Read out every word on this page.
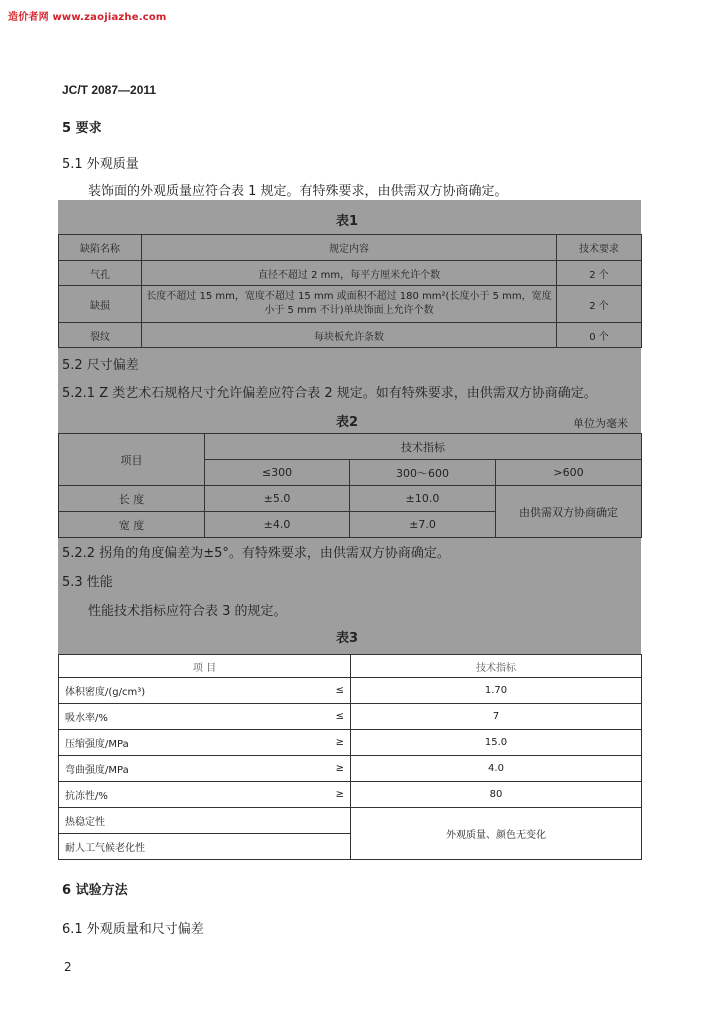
造价者网 www.zaojiazhe.com
JC/T 2087—2011
5 要求
5.1 外观质量
装饰面的外观质量应符合表 1 规定。有特殊要求，由供需双方协商确定。
表1
缺陷名称	规定内容	技术要求
气孔	直径不超过 2 mm，每平方厘米允许个数	2 个
缺损	长度不超过 15 mm，宽度不超过 15 mm 或面积不超过 180 mm²(长度小于 5 mm，宽度小于 5 mm 不计)单块饰面上允许个数	2 个
裂纹	每块板允许条数	0 个
5.2 尺寸偏差
5.2.1 Z 类艺术石规格尺寸允许偏差应符合表 2 规定。如有特殊要求，由供需双方协商确定。
表2	单位为毫米
项目	技术指标		
	≤300	300～600	>600
长 度	±5.0	±10.0	由供需双方协商确定
宽 度	±4.0	±7.0	
5.2.2 拐角的角度偏差为±5°。有特殊要求，由供需双方协商确定。
5.3 性能
性能技术指标应符合表 3 的规定。
表3
项 目		技术指标
体积密度/(g/cm³)	≤	1.70
吸水率/%	≤	7
压缩强度/MPa	≥	15.0
弯曲强度/MPa	≥	4.0
抗冻性/%	≥	80
热稳定性		外观质量、颜色无变化
耐人工气候老化性		
6 试验方法
6.1 外观质量和尺寸偏差
2
